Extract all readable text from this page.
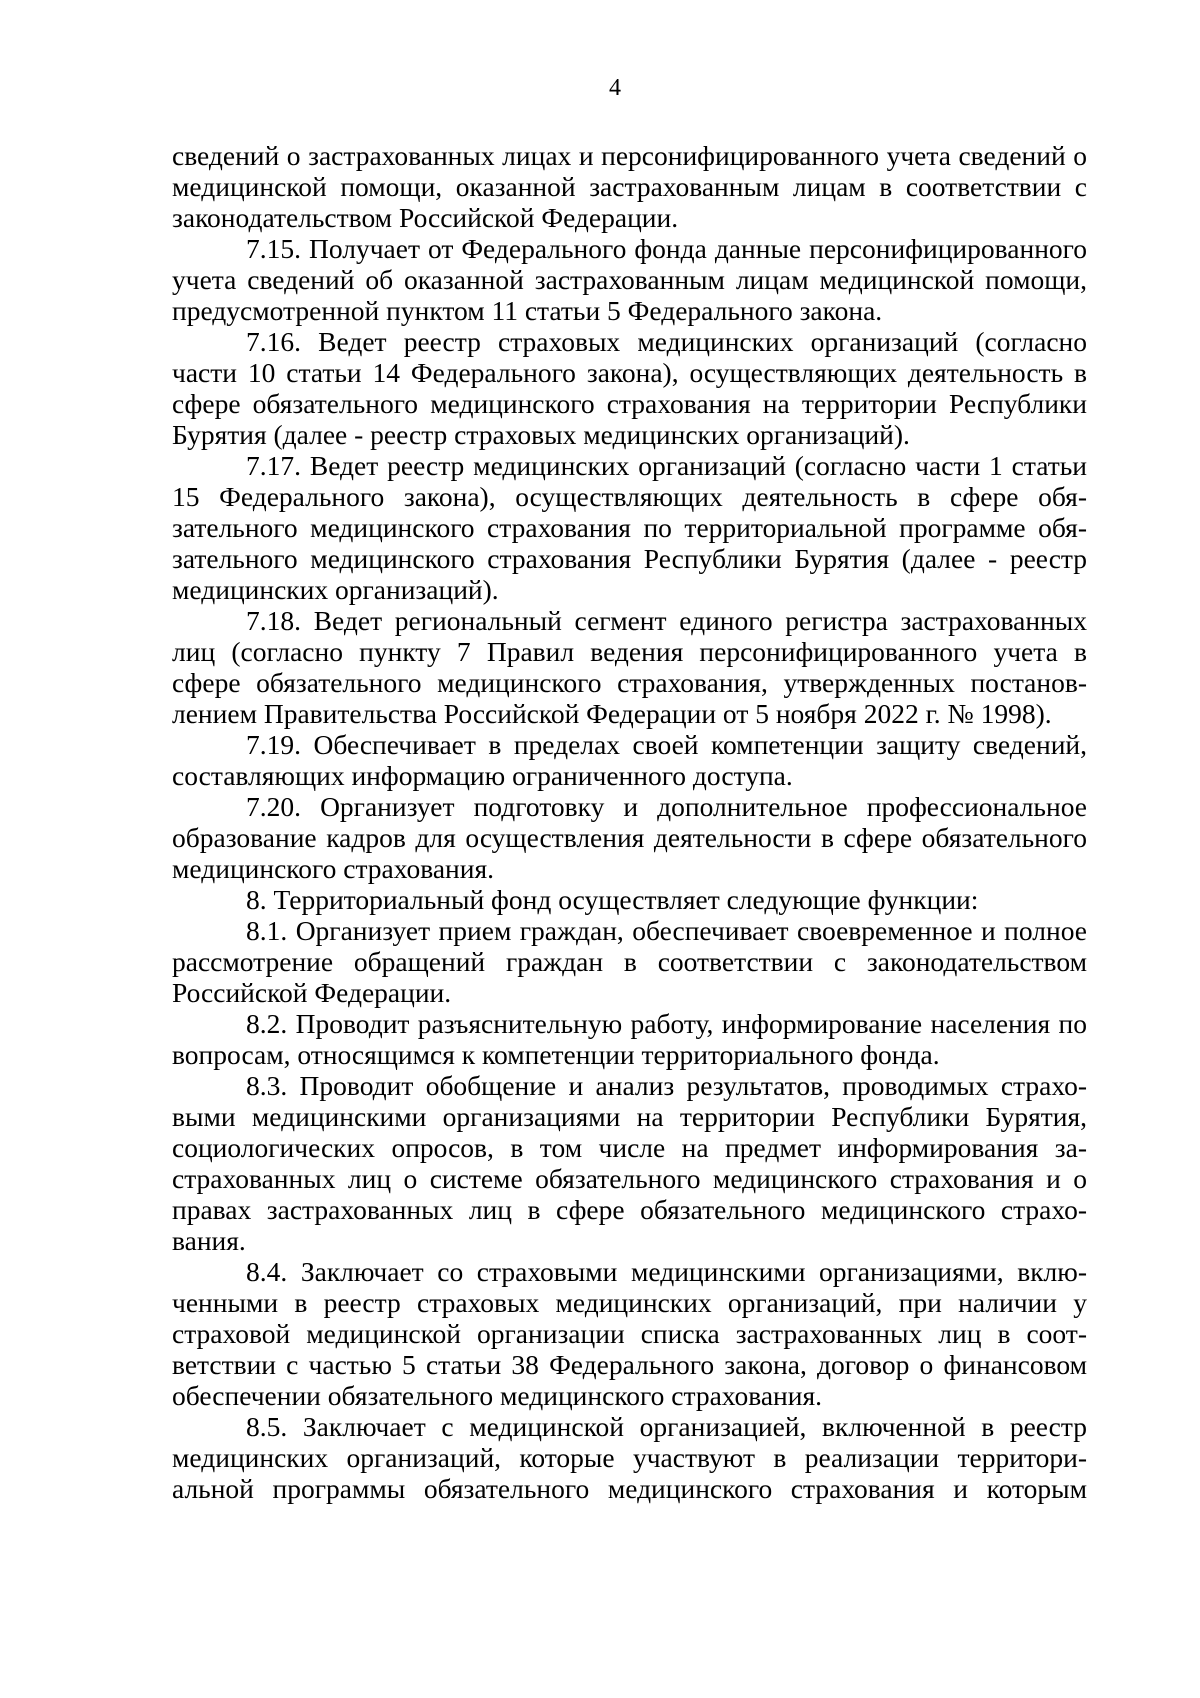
4

сведений о застрахованных лицах и персонифицированного учета сведений о медицинской помощи, оказанной застрахованным лицам в соответствии с законодательством Российской Федерации.

7.15. Получает от Федерального фонда данные персонифицированного учета сведений об оказанной застрахованным лицам медицинской помощи, предусмотренной пунктом 11 статьи 5 Федерального закона.

7.16. Ведет реестр страховых медицинских организаций (согласно части 10 статьи 14 Федерального закона), осуществляющих деятельность в сфере обязательного медицинского страхования на территории Республики Бурятия (далее - реестр страховых медицинских организаций).

7.17. Ведет реестр медицинских организаций (согласно части 1 статьи 15 Федерального закона), осуществляющих деятельность в сфере обязательного медицинского страхования по территориальной программе обязательного медицинского страхования Республики Бурятия (далее - реестр медицинских организаций).

7.18. Ведет региональный сегмент единого регистра застрахованных лиц (согласно пункту 7 Правил ведения персонифицированного учета в сфере обязательного медицинского страхования, утвержденных постановлением Правительства Российской Федерации от 5 ноября 2022 г. № 1998).

7.19. Обеспечивает в пределах своей компетенции защиту сведений, составляющих информацию ограниченного доступа.

7.20. Организует подготовку и дополнительное профессиональное образование кадров для осуществления деятельности в сфере обязательного медицинского страхования.

8. Территориальный фонд осуществляет следующие функции:

8.1. Организует прием граждан, обеспечивает своевременное и полное рассмотрение обращений граждан в соответствии с законодательством Российской Федерации.

8.2. Проводит разъяснительную работу, информирование населения по вопросам, относящимся к компетенции территориального фонда.

8.3. Проводит обобщение и анализ результатов, проводимых страховыми медицинскими организациями на территории Республики Бурятия, социологических опросов, в том числе на предмет информирования застрахованных лиц о системе обязательного медицинского страхования и о правах застрахованных лиц в сфере обязательного медицинского страхования.

8.4. Заключает со страховыми медицинскими организациями, включенными в реестр страховых медицинских организаций, при наличии у страховой медицинской организации списка застрахованных лиц в соответствии с частью 5 статьи 38 Федерального закона, договор о финансовом обеспечении обязательного медицинского страхования.

8.5. Заключает с медицинской организацией, включенной в реестр медицинских организаций, которые участвуют в реализации территориальной программы обязательного медицинского страхования и которым
